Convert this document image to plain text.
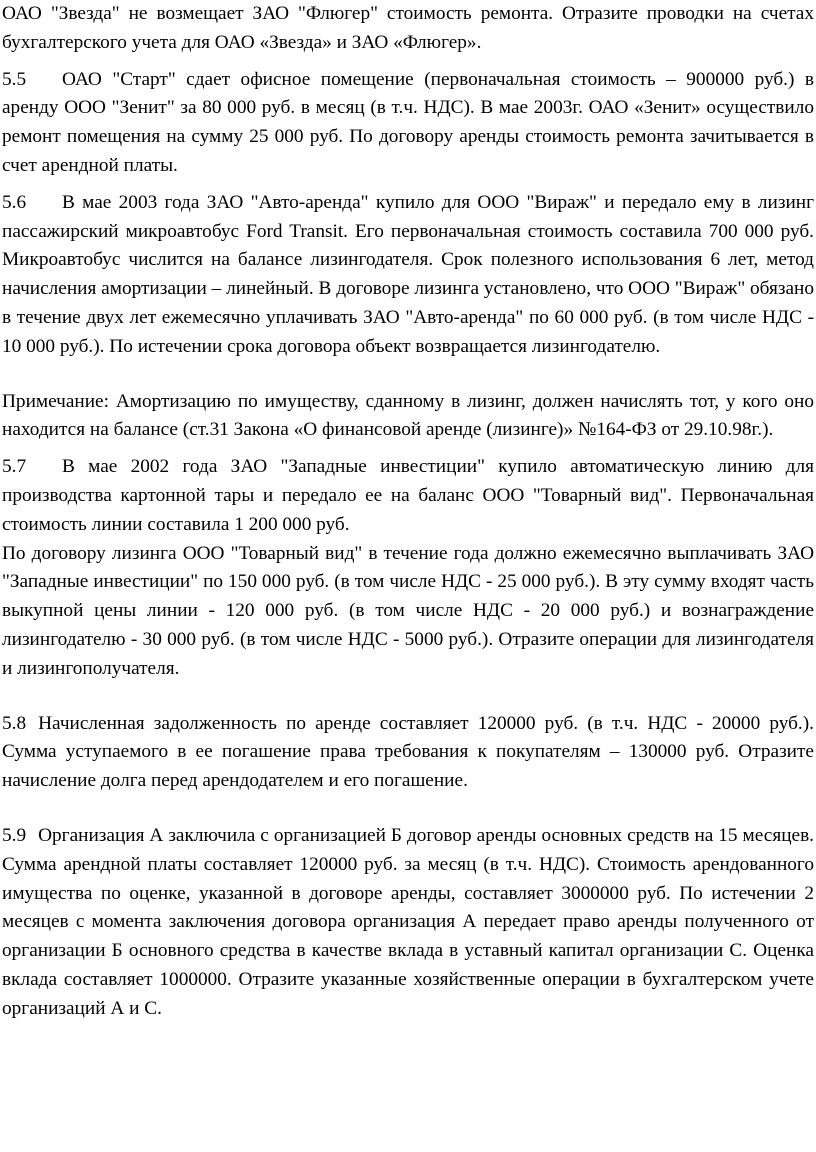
ОАО "Звезда" не возмещает ЗАО "Флюгер" стоимость ремонта. Отразите проводки на счетах бухгалтерского учета для ОАО «Звезда» и ЗАО «Флюгер».

5.5 ОАО "Старт" сдает офисное помещение (первоначальная стоимость – 900000 руб.) в аренду ООО "Зенит" за 80 000 руб. в месяц (в т.ч. НДС). В мае 2003г. ОАО «Зенит» осуществило ремонт помещения на сумму 25 000 руб. По договору аренды стоимость ремонта зачитывается в счет арендной платы.

5.6 В мае 2003 года ЗАО "Авто-аренда" купило для ООО "Вираж" и передало ему в лизинг пассажирский микроавтобус Ford Transit. Его первоначальная стоимость составила 700 000 руб. Микроавтобус числится на балансе лизингодателя. Срок полезного использования 6 лет, метод начисления амортизации – линейный. В договоре лизинга установлено, что ООО "Вираж" обязано в течение двух лет ежемесячно уплачивать ЗАО "Авто-аренда" по 60 000 руб. (в том числе НДС - 10 000 руб.). По истечении срока договора объект возвращается лизингодателю.

Примечание: Амортизацию по имуществу, сданному в лизинг, должен начислять тот, у кого оно находится на балансе (ст.31 Закона «О финансовой аренде (лизинге)» №164-ФЗ от 29.10.98г.).

5.7 В мае 2002 года ЗАО "Западные инвестиции" купило автоматическую линию для производства картонной тары и передало ее на баланс ООО "Товарный вид". Первоначальная стоимость линии составила 1 200 000 руб.

По договору лизинга ООО "Товарный вид" в течение года должно ежемесячно выплачивать ЗАО "Западные инвестиции" по 150 000 руб. (в том числе НДС - 25 000 руб.). В эту сумму входят часть выкупной цены линии - 120 000 руб. (в том числе НДС - 20 000 руб.) и вознаграждение лизингодателю - 30 000 руб. (в том числе НДС - 5000 руб.). Отразите операции для лизингодателя и лизингополучателя.

5.8 Начисленная задолженность по аренде составляет 120000 руб. (в т.ч. НДС - 20000 руб.). Сумма уступаемого в ее погашение права требования к покупателям – 130000 руб. Отразите начисление долга перед арендодателем и его погашение.

5.9 Организация А заключила с организацией Б договор аренды основных средств на 15 месяцев. Сумма арендной платы составляет 120000 руб. за месяц (в т.ч. НДС). Стоимость арендованного имущества по оценке, указанной в договоре аренды, составляет 3000000 руб. По истечении 2 месяцев с момента заключения договора организация А передает право аренды полученного от организации Б основного средства в качестве вклада в уставный капитал организации С. Оценка вклада составляет 1000000. Отразите указанные хозяйственные операции в бухгалтерском учете организаций А и С.
